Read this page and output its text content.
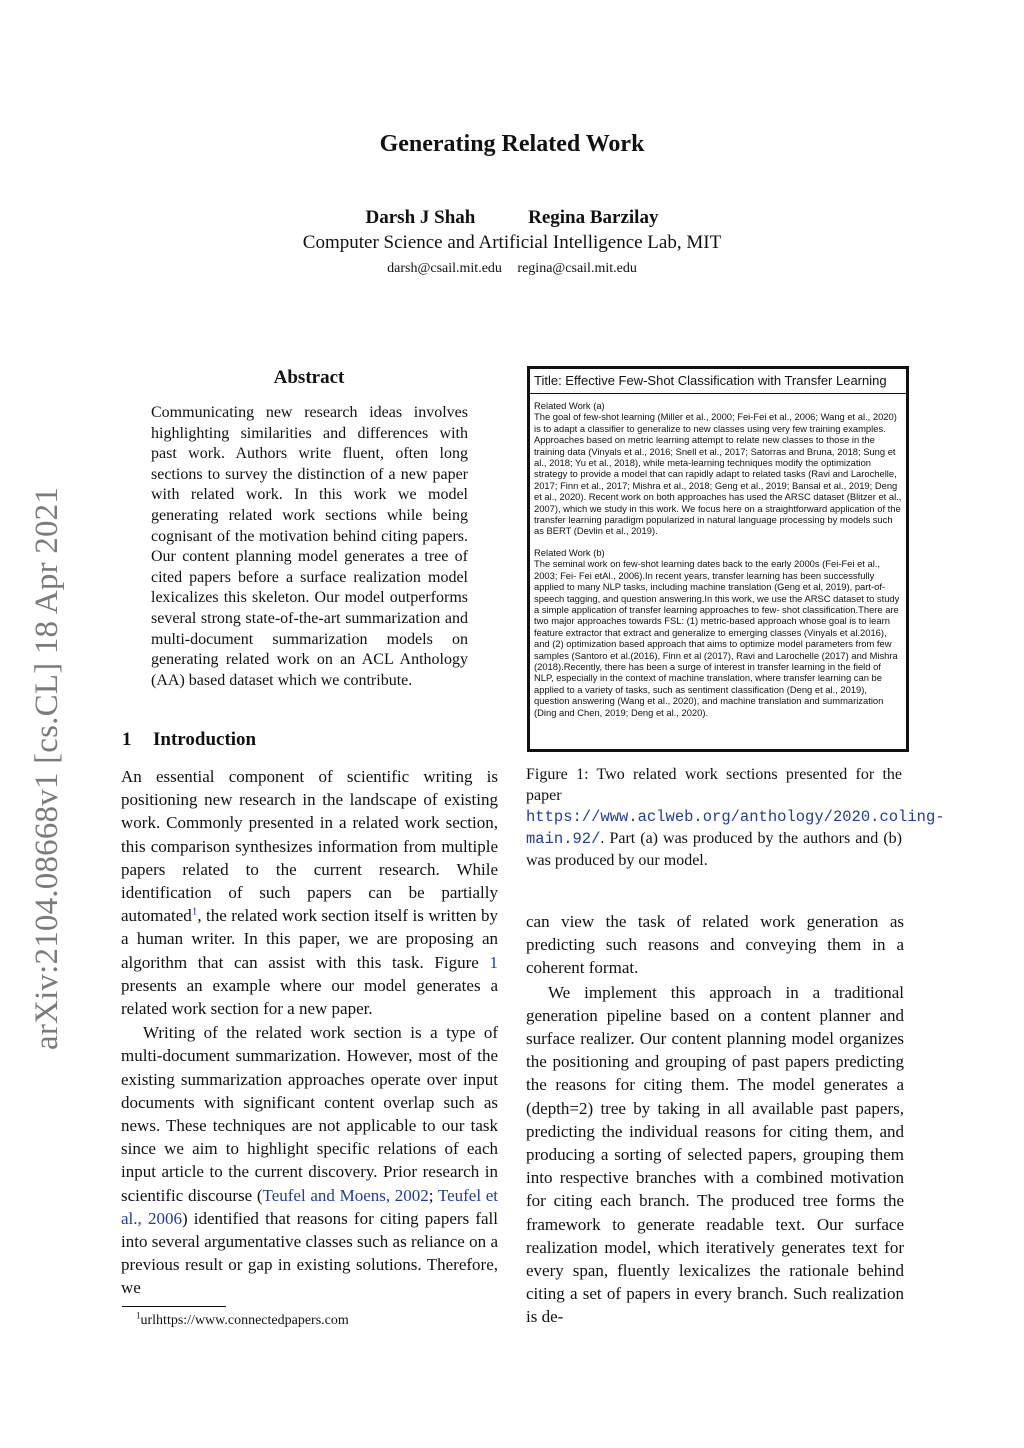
arXiv:2104.08668v1 [cs.CL] 18 Apr 2021
Generating Related Work
Darsh J Shah	Regina Barzilay
Computer Science and Artificial Intelligence Lab, MIT
darsh@csail.mit.edu regina@csail.mit.edu
Abstract
Communicating new research ideas involves highlighting similarities and differences with past work. Authors write fluent, often long sections to survey the distinction of a new paper with related work. In this work we model generating related work sections while being cognisant of the motivation behind citing papers. Our content planning model generates a tree of cited papers before a surface realization model lexicalizes this skeleton. Our model outperforms several strong state-of-the-art summarization and multi-document summarization models on generating related work on an ACL Anthology (AA) based dataset which we contribute.
1 Introduction

An essential component of scientific writing is positioning new research in the landscape of existing work. Commonly presented in a related work section, this comparison synthesizes information from multiple papers related to the current research. While identification of such papers can be partially automated$^1$, the related work section itself is written by a human writer. In this paper, we are proposing an algorithm that can assist with this task. Figure 1 presents an example where our model generates a related work section for a new paper.

Writing of the related work section is a type of multi-document summarization. However, most of the existing summarization approaches operate over input documents with significant content overlap such as news. These techniques are not applicable to our task since we aim to highlight specific relations of each input article to the current discovery. Prior research in scientific discourse (Teufel and Moens, 2002; Teufel et al., 2006) identified that reasons for citing papers fall into several argumentative classes such as reliance on a previous result or gap in existing solutions. Therefore, we

$^1$urlhttps://www.connectedpapers.com
Title: Effective Few-Shot Classification with Transfer Learning
Related Work (a)
The goal of few-shot learning (Miller et al., 2000; Fei-Fei et al., 2006; Wang et al., 2020) is to adapt a classifier to generalize to new classes using very few training examples. Approaches based on metric learning attempt to relate new classes to those in the training data (Vinyals et al., 2016; Snell et al., 2017; Satorras and Bruna, 2018; Sung et al., 2018; Yu et al., 2018), while meta-learning techniques modify the optimization strategy to provide a model that can rapidly adapt to related tasks (Ravi and Larochelle, 2017; Finn et al., 2017; Mishra et al., 2018; Geng et al., 2019; Bansal et al., 2019; Deng et al., 2020). Recent work on both approaches has used the ARSC dataset (Blitzer et al., 2007), which we study in this work. We focus here on a straightforward application of the transfer learning paradigm popularized in natural language processing by models such as BERT (Devlin et al., 2019).
Related Work (b)
The seminal work on few-shot learning dates back to the early 2000s (Fei-Fei et al., 2003; Fei- Fei etAl., 2006).In recent years, transfer learning has been successfully applied to many NLP tasks, including machine translation (Geng et al, 2019), part-of-speech tagging, and question answering.In this work, we use the ARSC dataset to study a simple application of transfer learning approaches to few- shot classification.There are two major approaches towards FSL: (1) metric-based approach whose goal is to learn feature extractor that extract and generalize to emerging classes (Vinyals et al.2016), and (2) optimization based approach that aims to optimize model parameters from few samples (Santoro et al.(2016), Finn et al (2017), Ravi and Larochelle (2017) and Mishra (2018).Recently, there has been a surge of interest in transfer learning in the field of NLP, especially in the context of machine translation, where transfer learning can be applied to a variety of tasks, such as sentiment classification (Deng et al., 2019), question answering (Wang et al., 2020), and machine translation and summarization (Ding and Chen, 2019; Deng et al., 2020).
Figure 1: Two related work sections presented for the paper https://www.aclweb.org/anthology/2020.coling-main.92/. Part (a) was produced by the authors and (b) was produced by our model.

can view the task of related work generation as predicting such reasons and conveying them in a coherent format.

We implement this approach in a traditional generation pipeline based on a content planner and surface realizer. Our content planning model organizes the positioning and grouping of past papers predicting the reasons for citing them. The model generates a (depth=2) tree by taking in all available past papers, predicting the individual reasons for citing them, and producing a sorting of selected papers, grouping them into respective branches with a combined motivation for citing each branch. The produced tree forms the framework to generate readable text. Our surface realization model, which iteratively generates text for every span, fluently lexicalizes the rationale behind citing a set of papers in every branch. Such realization is de-
